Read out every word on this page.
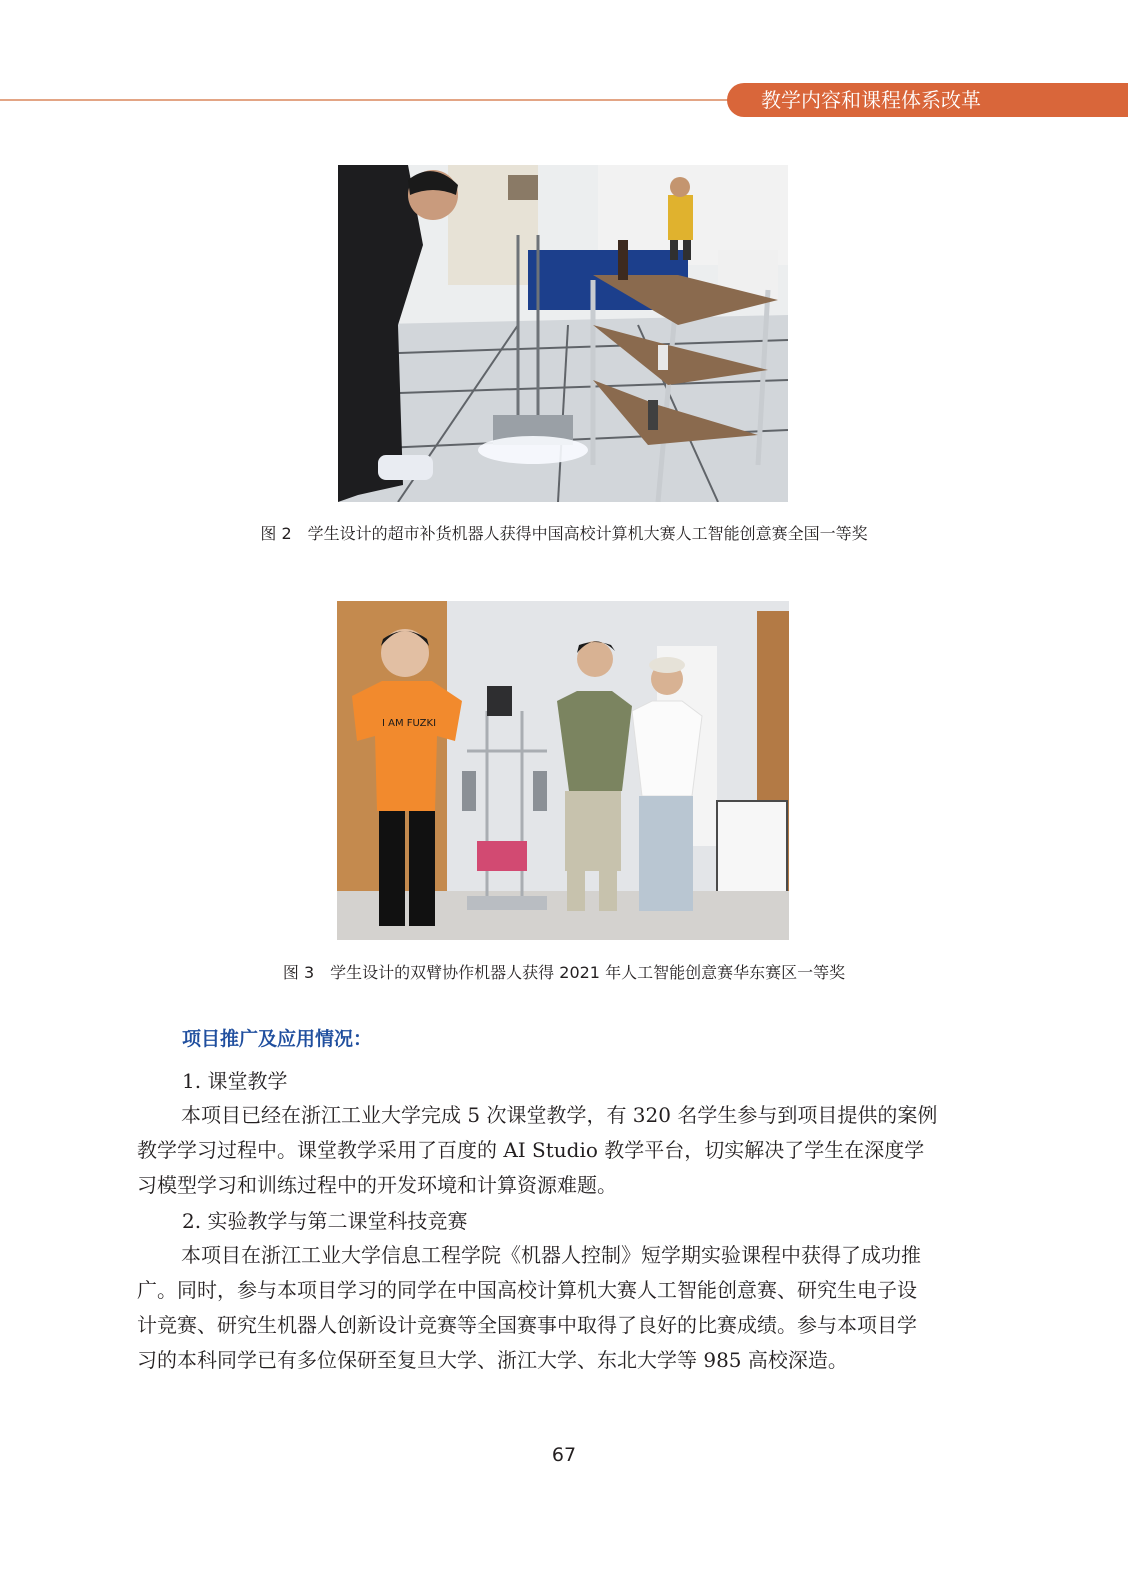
教学内容和课程体系改革
图 2　学生设计的超市补货机器人获得中国高校计算机大赛人工智能创意赛全国一等奖
I AM FUZKI
图 3　学生设计的双臂协作机器人获得 2021 年人工智能创意赛华东赛区一等奖
项目推广及应用情况：
1. 课堂教学
本项目已经在浙江工业大学完成 5 次课堂教学，有 320 名学生参与到项目提供的案例
教学学习过程中。课堂教学采用了百度的 AI Studio 教学平台，切实解决了学生在深度学
习模型学习和训练过程中的开发环境和计算资源难题。
2. 实验教学与第二课堂科技竞赛
本项目在浙江工业大学信息工程学院《机器人控制》短学期实验课程中获得了成功推
广。同时，参与本项目学习的同学在中国高校计算机大赛人工智能创意赛、研究生电子设
计竞赛、研究生机器人创新设计竞赛等全国赛事中取得了良好的比赛成绩。参与本项目学
习的本科同学已有多位保研至复旦大学、浙江大学、东北大学等 985 高校深造。
67
